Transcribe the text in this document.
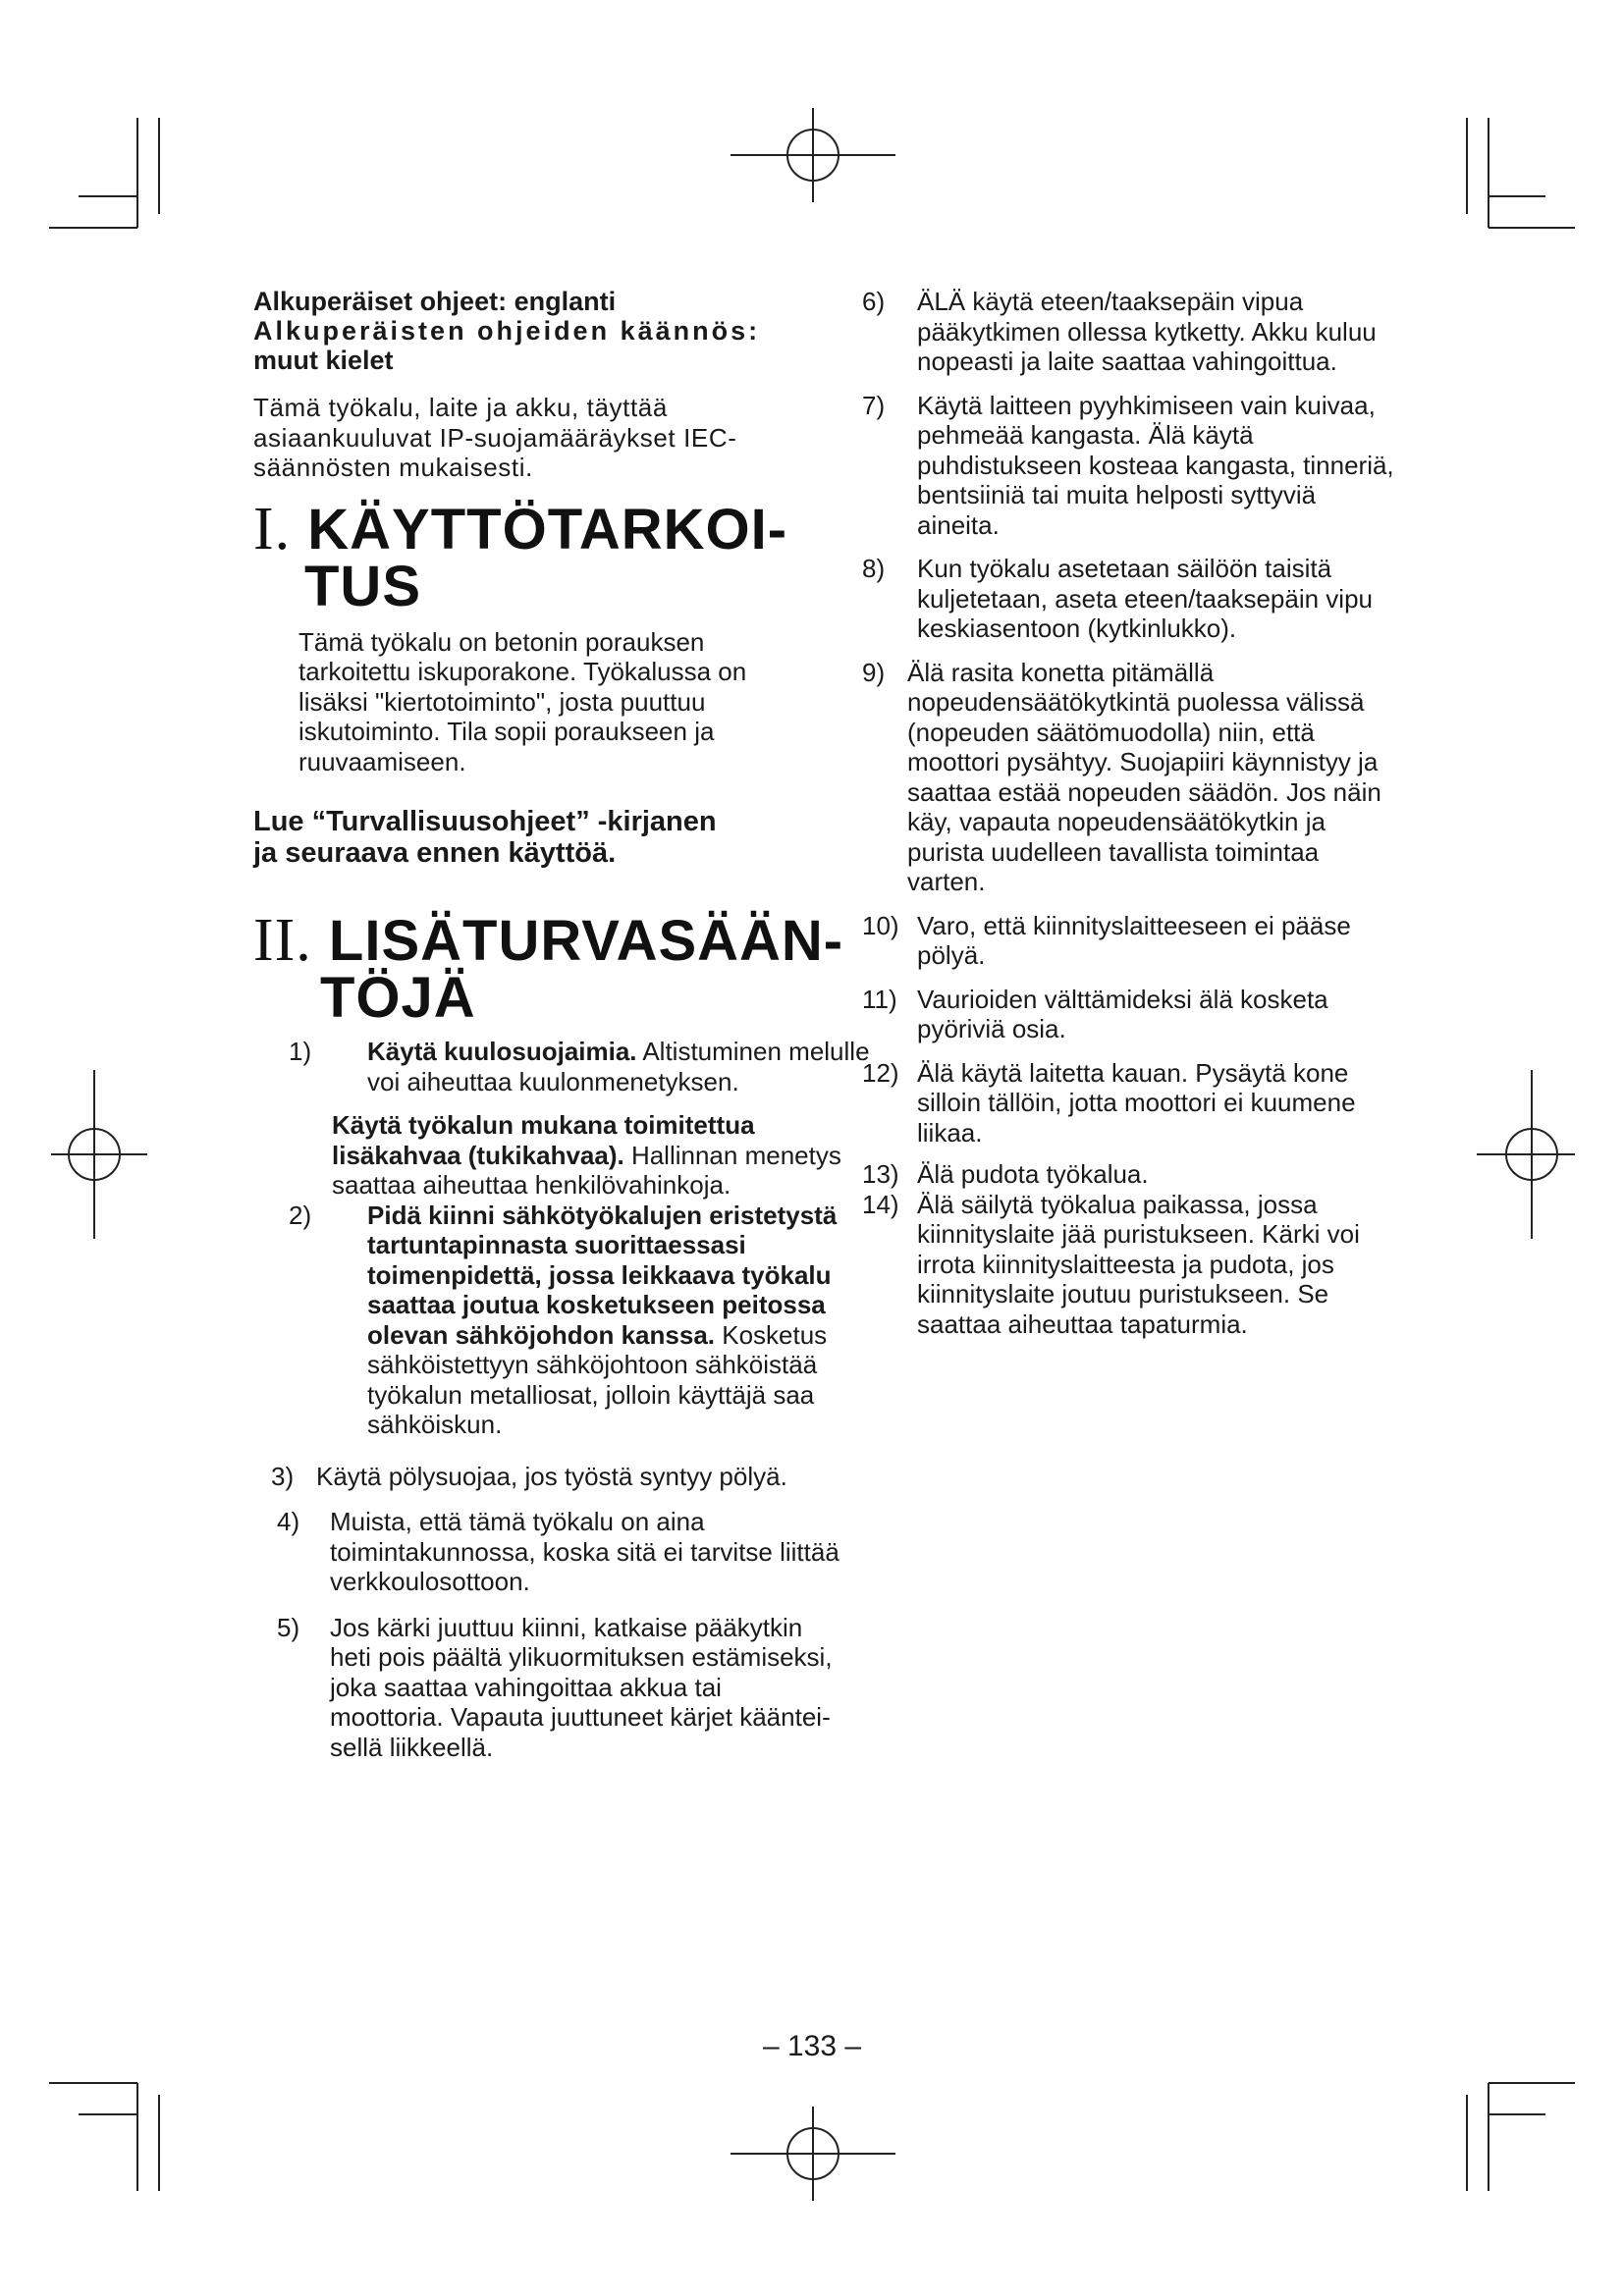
Alkuperäiset ohjeet: englanti

Alkuperäisten ohjeiden käännös:

muut kielet

Tämä työkalu, laite ja akku, täyttää asiaankuuluvat IP-suojamääräykset IEC-säännösten mukaisesti.

I. KÄYTTÖTARKOI-

TUS

Tämä työkalu on betonin porauksen tarkoitettu iskuporakone. Työkalussa on lisäksi "kiertotoiminto", josta puuttuu iskutoiminto. Tila sopii poraukseen ja ruuvaamiseen.

Lue “Turvallisuusohjeet” -kirjanen

ja seuraava ennen käyttöä.

II. LISÄTURVASÄÄN-

TÖJÄ

1) Käytä kuulosuojaimia. Altistuminen melulle voi aiheuttaa kuulonmenetyksen.
Käytä työkalun mukana toimitettua lisäkahvaa (tukikahvaa). Hallinnan menetys saattaa aiheuttaa henkilövahinkoja.
2) Pidä kiinni sähkötyökalujen eristetystä tartuntapinnasta suorittaessasi toimenpidettä, jossa leikkaava työkalu saattaa joutua kosketukseen peitossa olevan sähköjohdon kanssa. Kosketus sähköistettyyn sähköjohtoon sähköistää työkalun metalliosat, jolloin käyttäjä saa sähköiskun.
3) Käytä pölysuojaa, jos työstä syntyy pölyä.
4) Muista, että tämä työkalu on aina toimintakunnossa, koska sitä ei tarvitse liittää verkkoulosottoon.
5) Jos kärki juuttuu kiinni, katkaise pääkytkin heti pois päältä ylikuormituksen estämiseksi, joka saattaa vahingoittaa akkua tai moottoria. Vapauta juuttuneet kärjet käänteisellä liikkeellä.
6) ÄLÄ käytä eteen/taaksepäin vipua pääkytkimen ollessa kytketty. Akku kuluu nopeasti ja laite saattaa vahingoittua.
7) Käytä laitteen pyyhkimiseen vain kuivaa, pehmeää kangasta. Älä käytä puhdistukseen kosteaa kangasta, tinneriä, bentsiiniä tai muita helposti syttyviä aineita.
8) Kun työkalu asetetaan säilöön taisitä kuljetetaan, aseta eteen/taaksepäin vipu keskiasentoon (kytkinlukko).
9) Älä rasita konetta pitämällä nopeudensäätökytkintä puolessa välissä (nopeuden säätömuodolla) niin, että moottori pysähtyy. Suojapiiri käynnistyy ja saattaa estää nopeuden säädön. Jos näin käy, vapauta nopeudensäätökytkin ja purista uudelleen tavallista toimintaa varten.
10) Varo, että kiinnityslaitteeseen ei pääse pölyä.
11) Vaurioiden välttämideksi älä kosketa pyöriviä osia.
12) Älä käytä laitetta kauan. Pysäytä kone silloin tällöin, jotta moottori ei kuumene liikaa.
13) Älä pudota työkalua.
14) Älä säilytä työkalua paikassa, jossa kiinnityslaite jää puristukseen. Kärki voi irrota kiinnityslaitteesta ja pudota, jos kiinnityslaite joutuu puristukseen. Se saattaa aiheuttaa tapaturmia.
– 133 –
